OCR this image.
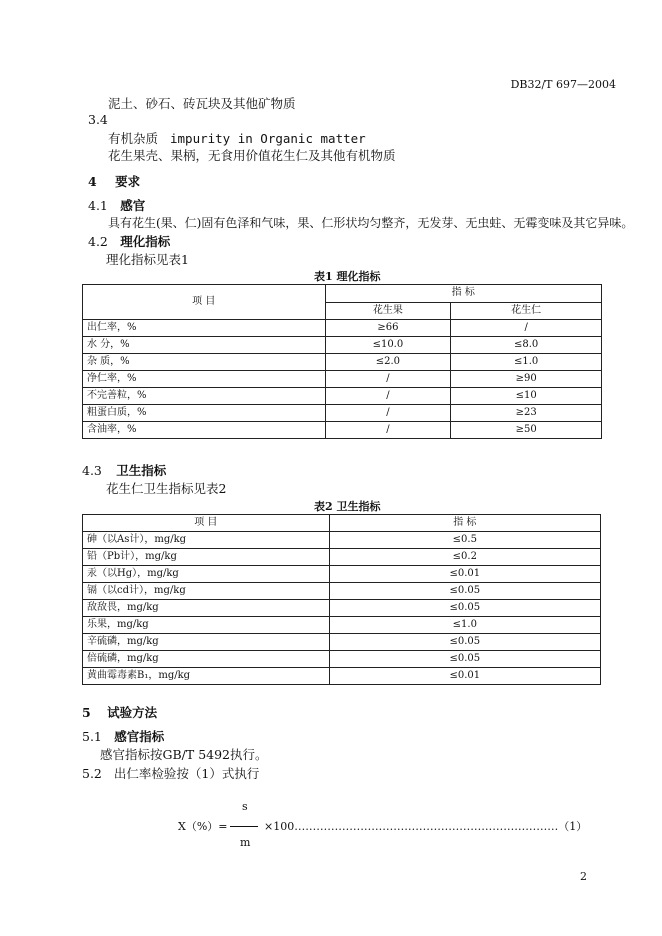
DB32/T 697—2004
泥土、砂石、砖瓦块及其他矿物质
3.4
有机杂质 impurity in Organic matter
花生果壳、果柄，无食用价值花生仁及其他有机物质
4 要求
4.1 感官
具有花生(果、仁)固有色泽和气味，果、仁形状均匀整齐，无发芽、无虫蛀、无霉变味及其它异味。
4.2 理化指标
理化指标见表1
表1 理化指标
项 目	指 标	
	花生果	花生仁
出仁率，%	≥66	/
水 分，%	≤10.0	≤8.0
杂 质，%	≤2.0	≤1.0
净仁率，%	/	≥90
不完善粒，%	/	≤10
粗蛋白质，%	/	≥23
含油率，%	/	≥50
4.3 卫生指标
花生仁卫生指标见表2
表2 卫生指标
项 目	指 标
砷（以As计），mg/kg	≤0.5
铅（Pb计），mg/kg	≤0.2
汞（以Hg），mg/kg	≤0.01
镉（以cd计），mg/kg	≤0.05
敌敌畏，mg/kg	≤0.05
乐果，mg/kg	≤1.0
辛硫磷，mg/kg	≤0.05
倍硫磷，mg/kg	≤0.05
黄曲霉毒素B₁，mg/kg	≤0.01
5 试验方法
5.1 感官指标
感官指标按GB/T 5492执行。
5.2 出仁率检验按（1）式执行
s
X（%）=	×100………………………………………………………………（1）
m
2
